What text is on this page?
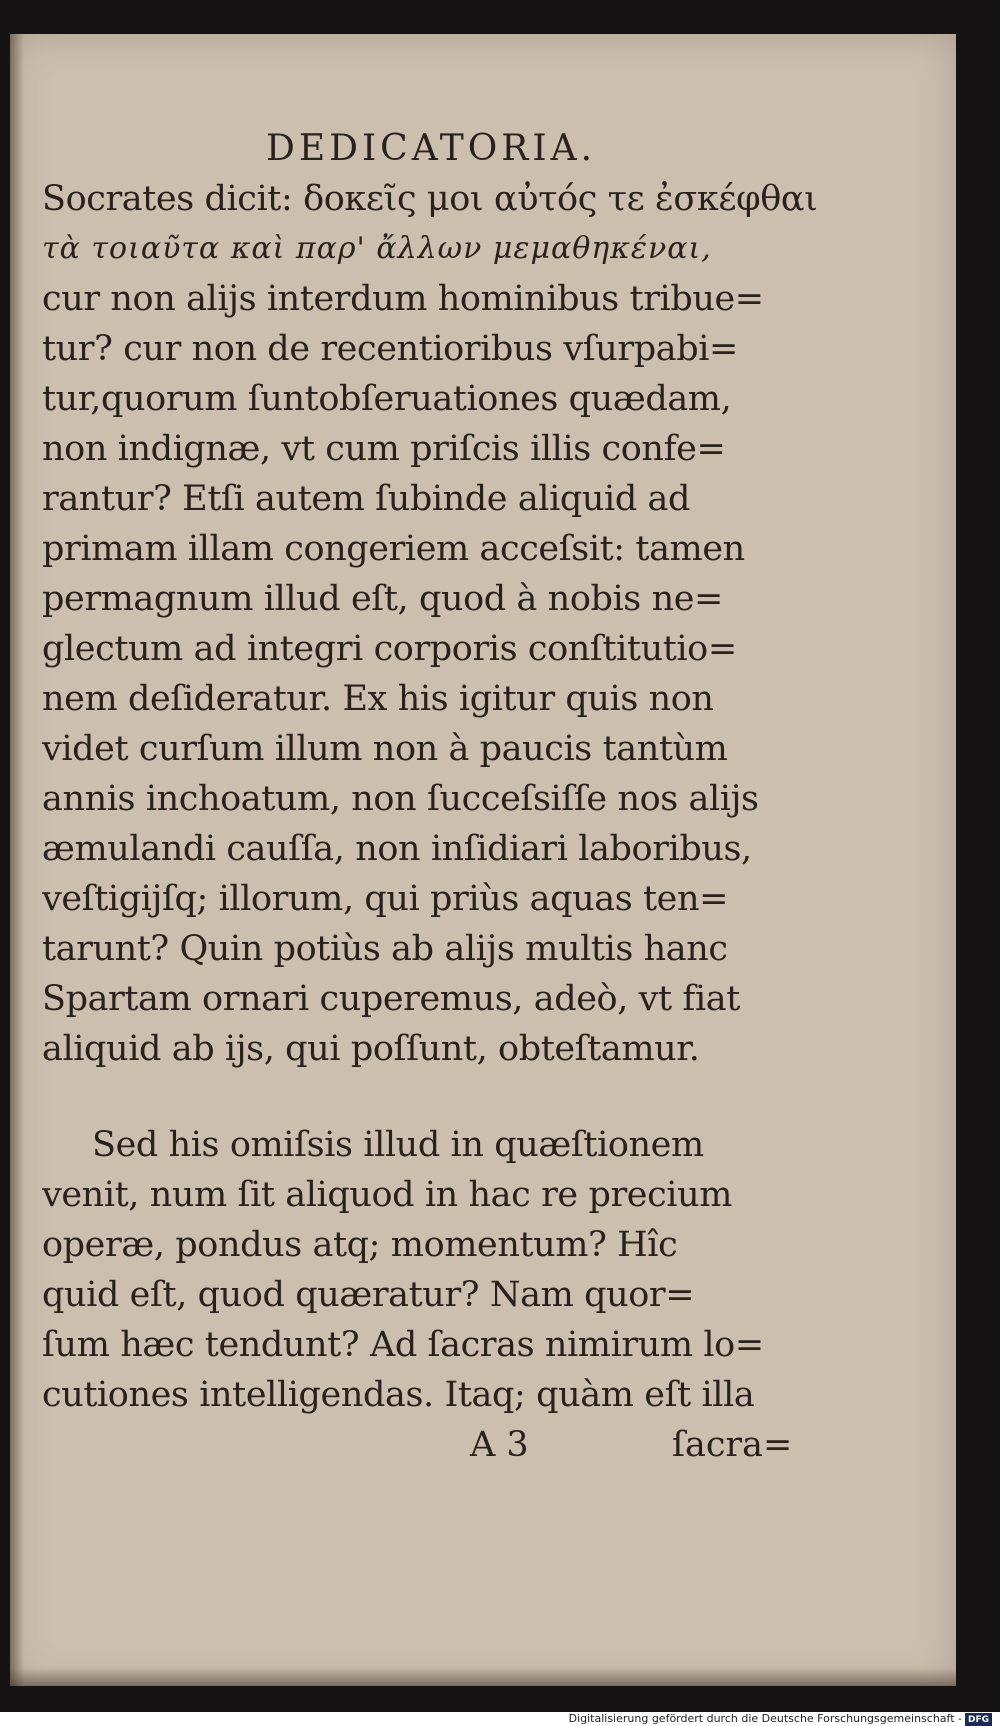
DEDICATORIA.
Socrates dicit: δοκεῖς μοι αὐτός τε ἐσκέφθαι
τὰ τοιαῦτα καὶ παρ' ἄλλων μεμαθηκέναι,
cur non aliјs interdum hominibus tribue=
tur? cur non de recentioribus vſurpabi=
tur,quorum ſuntobſeruationes quædam,
non indignæ, vt cum priſcis illis confe=
rantur? Etſi autem ſubinde aliquid ad
primam illam congeriem acceſsit: tamen
permagnum illud eſt, quod à nobis ne=
glectum ad integri corporis conſtitutio=
nem deſideratur. Ex his igitur quis non
videt curſum illum non à paucis tantùm
annis inchoatum, non ſucceſsiſſe nos aliјs
æmulandi cauſſa, non inſidiari laboribus,
veſtigiјſq; illorum, qui priùs aquas ten=
tarunt? Quin potiùs ab aliјs multis hanc
Spartam ornari cuperemus, adeò, vt fiat
aliquid ab ijs, qui poſſunt, obteſtamur.
Sed his omiſsis illud in quæſtionem
venit, num ſit aliquod in hac re precium
operæ, pondus atq; momentum? Hîc
quid eſt, quod quæratur? Nam quor=
ſum hæc tendunt? Ad ſacras nimirum lo=
cutiones intelligendas. Itaq; quàm eſt illa
A 3	ſacra=
Digitalisierung gefördert durch die Deutsche Forschungsgemeinschaft - DFG
